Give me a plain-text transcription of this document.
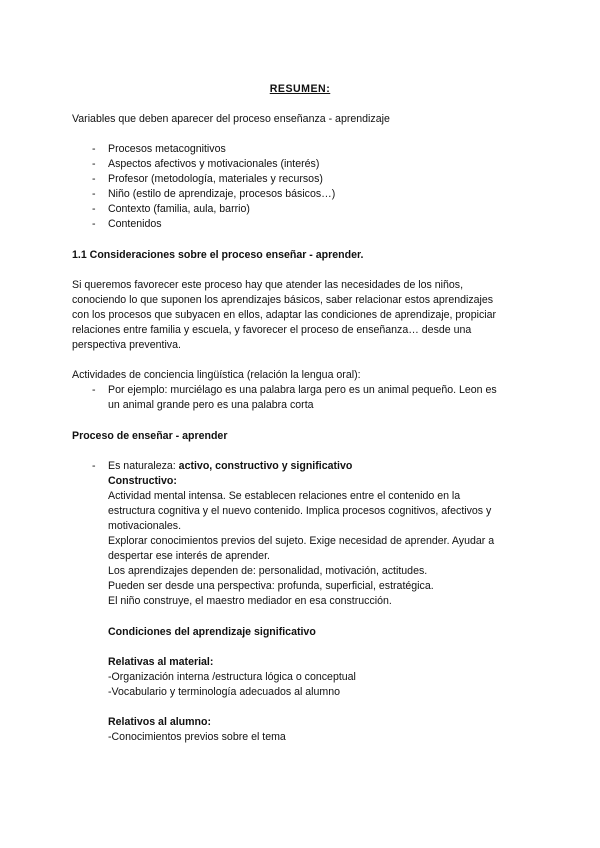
RESUMEN:
Variables que deben aparecer del proceso enseñanza - aprendizaje
- Procesos metacognitivos
- Aspectos afectivos y motivacionales (interés)
- Profesor (metodología, materiales y recursos)
- Niño (estilo de aprendizaje, procesos básicos…)
- Contexto (familia, aula, barrio)
- Contenidos
1.1 Consideraciones sobre el proceso enseñar - aprender.
Si queremos favorecer este proceso hay que atender las necesidades de los niños,
conociendo lo que suponen los aprendizajes básicos, saber relacionar estos aprendizajes
con los procesos que subyacen en ellos, adaptar las condiciones de aprendizaje, propiciar
relaciones entre familia y escuela, y favorecer el proceso de enseñanza… desde una
perspectiva preventiva.
Actividades de conciencia lingüística (relación la lengua oral):
- Por ejemplo: murciélago es una palabra larga pero es un animal pequeño. Leon es
un animal grande pero es una palabra corta
Proceso de enseñar - aprender
- Es naturaleza: activo, constructivo y significativo
Constructivo:
Actividad mental intensa. Se establecen relaciones entre el contenido en la
estructura cognitiva y el nuevo contenido. Implica procesos cognitivos, afectivos y
motivacionales.
Explorar conocimientos previos del sujeto. Exige necesidad de aprender. Ayudar a
despertar ese interés de aprender.
Los aprendizajes dependen de: personalidad, motivación, actitudes.
Pueden ser desde una perspectiva: profunda, superficial, estratégica.
El niño construye, el maestro mediador en esa construcción.
Condiciones del aprendizaje significativo
Relativas al material:
-Organización interna /estructura lógica o conceptual
-Vocabulario y terminología adecuados al alumno
Relativos al alumno:
-Conocimientos previos sobre el tema
